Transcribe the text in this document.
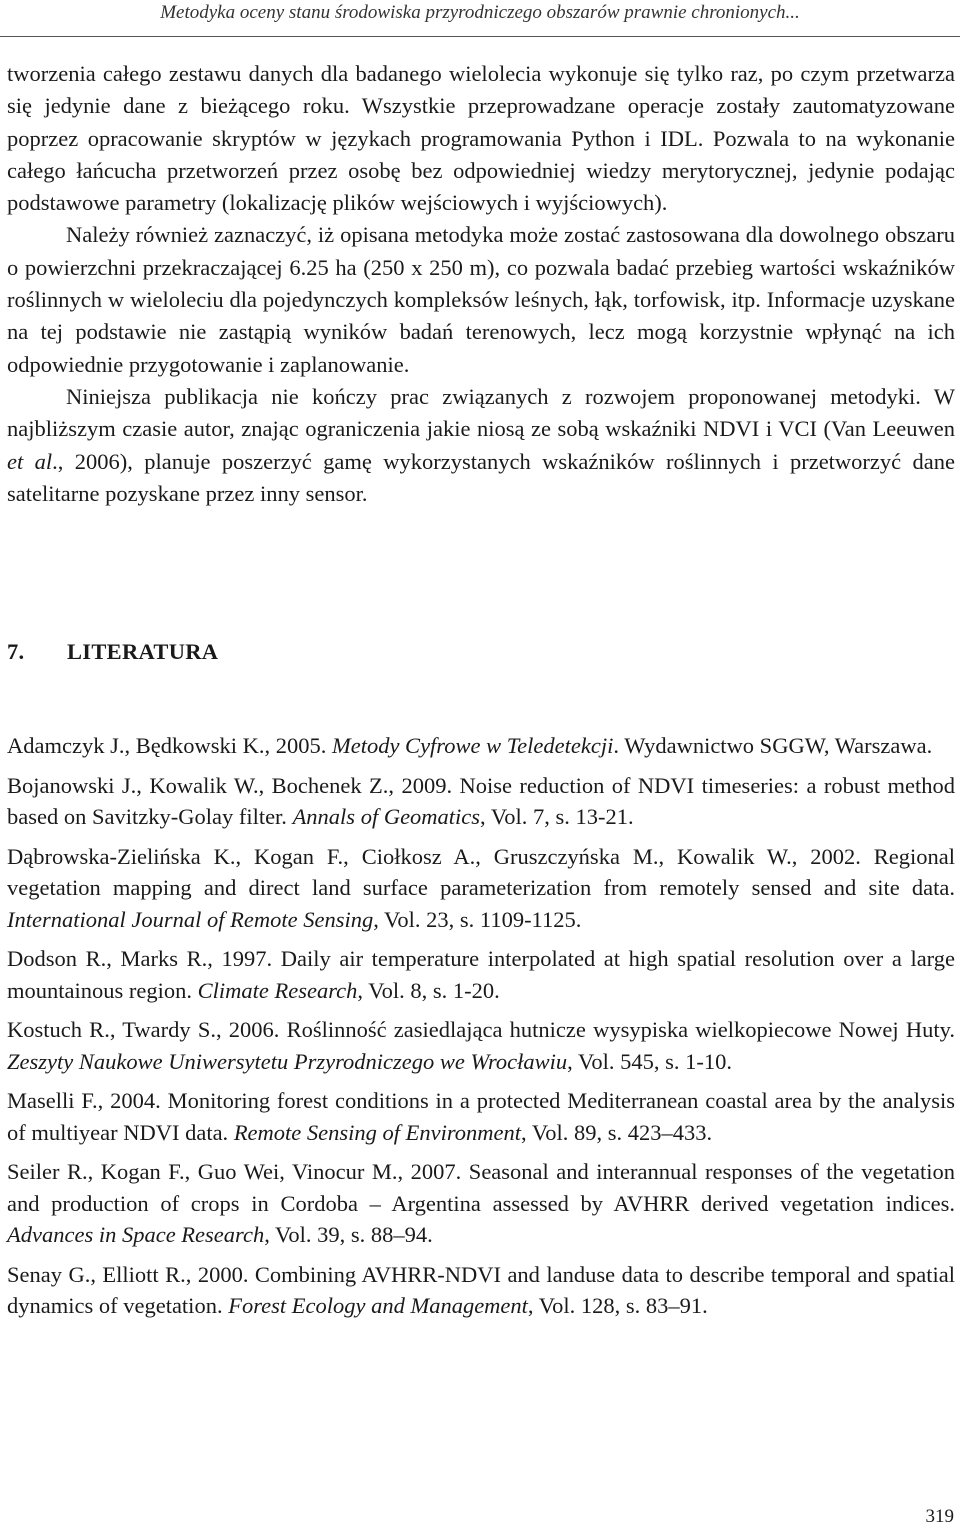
Metodyka oceny stanu środowiska przyrodniczego obszarów prawnie chronionych...

tworzenia całego zestawu danych dla badanego wielolecia wykonuje się tylko raz, po czym przetwarza się jedynie dane z bieżącego roku. Wszystkie przeprowadzane operacje zostały zautomatyzowane poprzez opracowanie skryptów w językach programowania Python i IDL. Pozwala to na wykonanie całego łańcucha przetworzeń przez osobę bez odpowiedniej wiedzy merytorycznej, jedynie podając podstawowe parametry (lokalizację plików wejściowych i wyjściowych).

Należy również zaznaczyć, iż opisana metodyka może zostać zastosowana dla dowolnego obszaru o powierzchni przekraczającej 6.25 ha (250 x 250 m), co pozwala badać przebieg wartości wskaźników roślinnych w wieloleciu dla pojedynczych kompleksów leśnych, łąk, torfowisk, itp. Informacje uzyskane na tej podstawie nie zastąpią wyników badań terenowych, lecz mogą korzystnie wpłynąć na ich odpowiednie przygotowanie i zaplanowanie.

Niniejsza publikacja nie kończy prac związanych z rozwojem proponowanej metodyki. W najbliższym czasie autor, znając ograniczenia jakie niosą ze sobą wskaźniki NDVI i VCI (Van Leeuwen et al., 2006), planuje poszerzyć gamę wykorzystanych wskaźników roślinnych i przetworzyć dane satelitarne pozyskane przez inny sensor.

7. LITERATURA

Adamczyk J., Będkowski K., 2005. Metody Cyfrowe w Teledetekcji. Wydawnictwo SGGW, Warszawa.

Bojanowski J., Kowalik W., Bochenek Z., 2009. Noise reduction of NDVI timeseries: a robust method based on Savitzky-Golay filter. Annals of Geomatics, Vol. 7, s. 13-21.

Dąbrowska-Zielińska K., Kogan F., Ciołkosz A., Gruszczyńska M., Kowalik W., 2002. Regional vegetation mapping and direct land surface parameterization from remotely sensed and site data. International Journal of Remote Sensing, Vol. 23, s. 1109-1125.

Dodson R., Marks R., 1997. Daily air temperature interpolated at high spatial resolution over a large mountainous region. Climate Research, Vol. 8, s. 1-20.

Kostuch R., Twardy S., 2006. Roślinność zasiedlająca hutnicze wysypiska wielkopiecowe Nowej Huty. Zeszyty Naukowe Uniwersytetu Przyrodniczego we Wrocławiu, Vol. 545, s. 1-10.

Maselli F., 2004. Monitoring forest conditions in a protected Mediterranean coastal area by the analysis of multiyear NDVI data. Remote Sensing of Environment, Vol. 89, s. 423–433.

Seiler R., Kogan F., Guo Wei, Vinocur M., 2007. Seasonal and interannual responses of the vegetation and production of crops in Cordoba – Argentina assessed by AVHRR derived vegetation indices. Advances in Space Research, Vol. 39, s. 88–94.

Senay G., Elliott R., 2000. Combining AVHRR-NDVI and landuse data to describe temporal and spatial dynamics of vegetation. Forest Ecology and Management, Vol. 128, s. 83–91.

319
